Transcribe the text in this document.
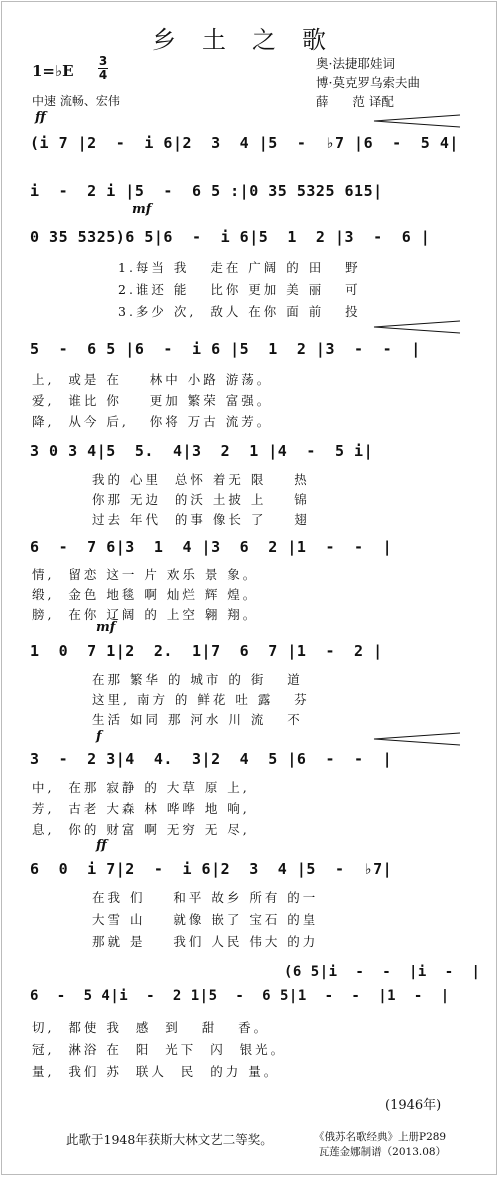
乡土之歌
1=♭E
3
4
中速 流畅、宏伟
奥·法捷耶娃词
博·莫克罗乌索夫曲
薛      范 译配
ff
mf
mf
f
ff
(i 7 |2  -  i 6|2  3  4 |5  -  ♭7 |6  -  5 4|
i  -  2 i |5  -  6 5 :|0 35 5325 615|
0 35 5325)6 5|6  -  i 6|5  1  2 |3  -  6 |
1.每当 我   走在 广阔 的 田   野
2.谁还 能   比你 更加 美 丽   可
3.多少 次,  敌人 在你 面 前   投
5  -  6 5 |6  -  i 6 |5  1  2 |3  -  -  |
上,  或是 在    林中 小路 游荡。
爱,  谁比 你    更加 繁荣 富强。
降,  从今 后,   你将 万古 流芳。
3 0 3 4|5  5.  4|3  2  1 |4  -  5 i|
我的 心里  总怀 着无 限    热
你那 无边  的沃 土披 上    锦
过去 年代  的事 像长 了    翅
6  -  7 6|3  1  4 |3  6  2 |1  -  -  |
情,  留恋 这一 片 欢乐 景 象。
缎,  金色 地毯 啊 灿烂 辉 煌。
膀,  在你 辽阔 的 上空 翱 翔。
1  0  7 1|2  2.  1|7  6  7 |1  -  2 |
在那 繁华 的 城市 的 街   道
这里, 南方 的 鲜花 吐 露   芬
生活 如同 那 河水 川 流   不
3  -  2 3|4  4.  3|2  4  5 |6  -  -  |
中,  在那 寂静 的 大草 原 上,
芳,  古老 大森 林 哗哗 地 响,
息,  你的 财富 啊 无穷 无 尽,
6  0  i 7|2  -  i 6|2  3  4 |5  -  ♭7|
在我 们    和平 故乡 所有 的一
大雪 山    就像 嵌了 宝石 的皇
那就 是    我们 人民 伟大 的力
(6 5|i  -  -  |i  -  |
6  -  5 4|i  -  2 1|5  -  6 5|1  -  -  |1  -  |
切,  都使 我  感  到   甜   香。
冠,  淋浴 在  阳  光下  闪  银光。
量,  我们 苏  联人  民  的力 量。
(1946年)
此歌于1948年获斯大林文艺二等奖。	《俄苏名歌经典》上册P289
瓦莲金娜制谱（2013.08）
